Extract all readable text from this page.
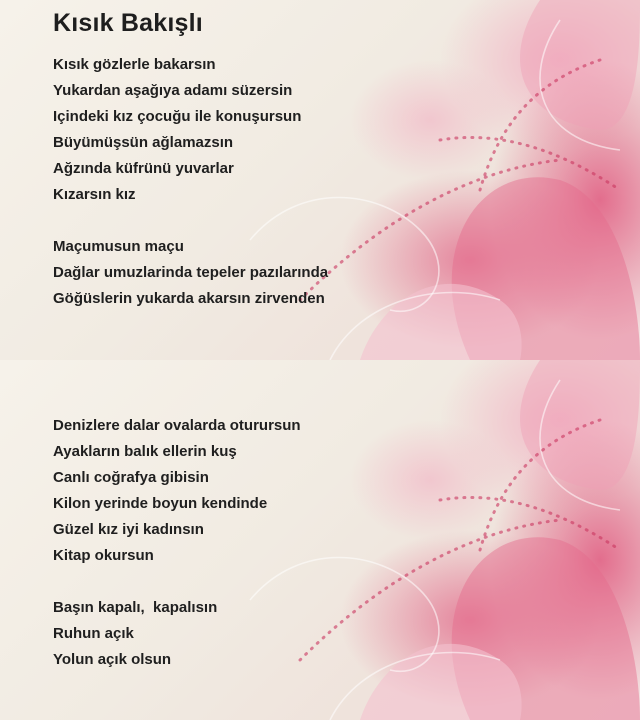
Kısık Bakışlı
Kısık gözlerle bakarsın
Yukardan aşağıya adamı süzersin
Içindeki kız çocuğu ile konuşursun
Büyümüşsün ağlamazsın
Ağzında küfrünü yuvarlar
Kızarsın kız
Maçumusun maçu
Dağlar umuzlarinda tepeler pazılarında
Göğüslerin yukarda akarsın zirvenden
Denizlere dalar ovalarda oturursun
Ayakların balık ellerin kuş
Canlı coğrafya gibisin
Kilon yerinde boyun kendinde
Güzel kız iyi kadınsın
Kitap okursun
Başın kapalı,  kapalısın
Ruhun açık
Yolun açık olsun
